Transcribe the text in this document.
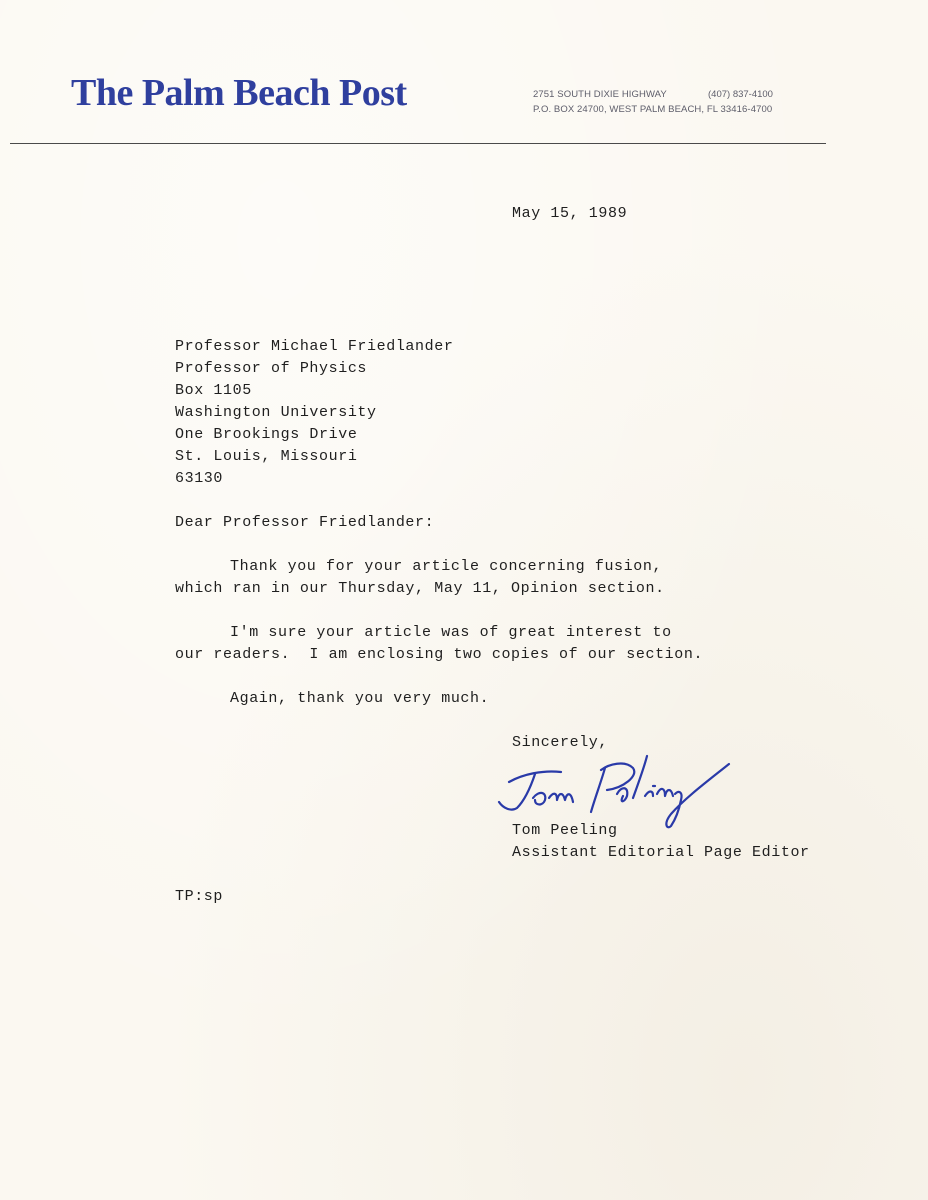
The Palm Beach Post	2751 SOUTH DIXIE HIGHWAY	(407) 837-4100
P.O. BOX 24700, WEST PALM BEACH, FL 33416-4700
May 15, 1989
Professor Michael Friedlander
Professor of Physics
Box 1105
Washington University
One Brookings Drive
St. Louis, Missouri
63130
Dear Professor Friedlander:
Thank you for your article concerning fusion,
which ran in our Thursday, May 11, Opinion section.
I'm sure your article was of great interest to
our readers.  I am enclosing two copies of our section.
Again, thank you very much.
Sincerely,
Tom Peeling
Assistant Editorial Page Editor
TP:sp
